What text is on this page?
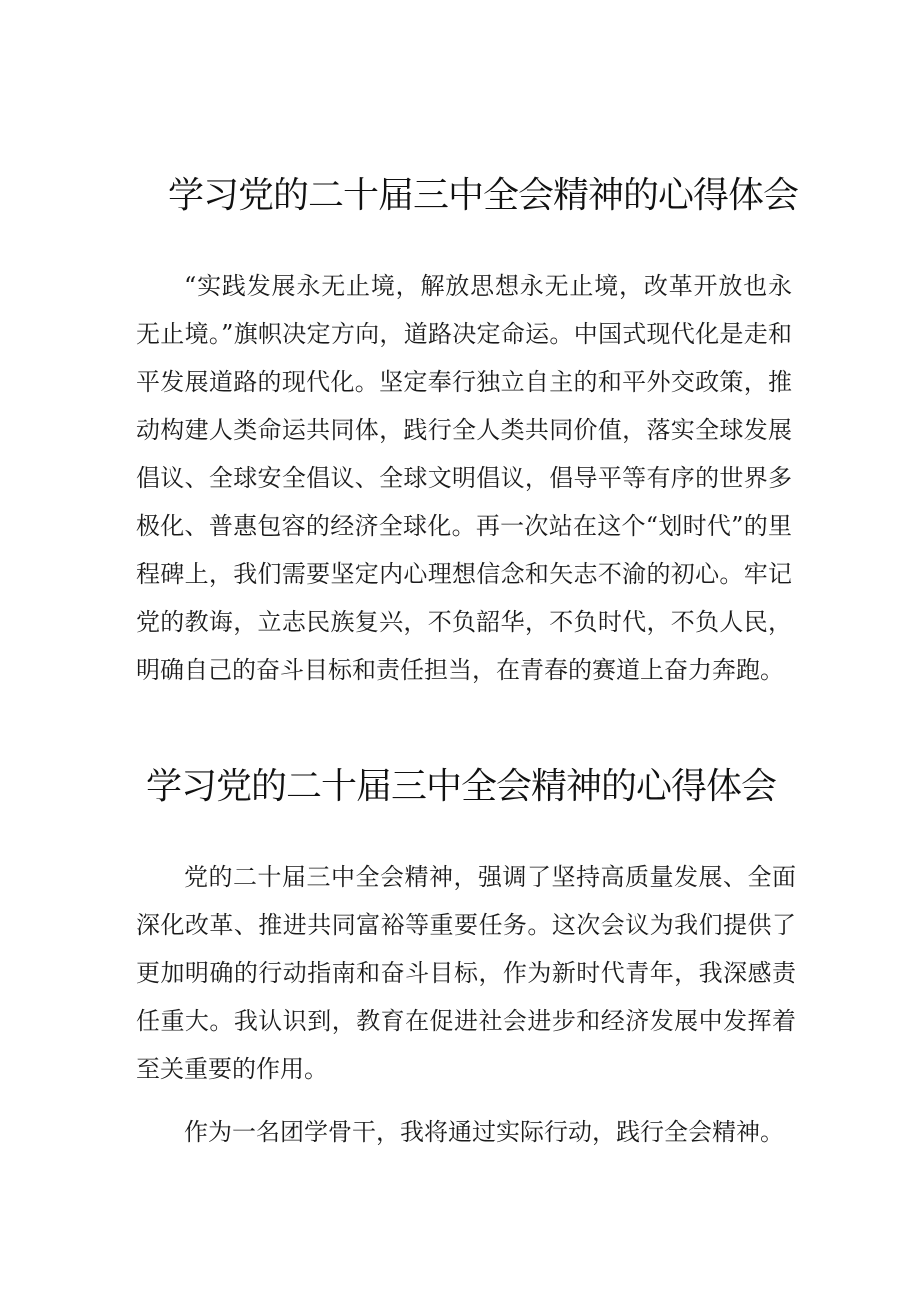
学习党的二十届三中全会精神的心得体会

“实践发展永无止境，解放思想永无止境，改革开放也永无止境。”旗帜决定方向，道路决定命运。中国式现代化是走和平发展道路的现代化。坚定奉行独立自主的和平外交政策，推动构建人类命运共同体，践行全人类共同价值，落实全球发展倡议、全球安全倡议、全球文明倡议，倡导平等有序的世界多极化、普惠包容的经济全球化。再一次站在这个“划时代”的里程碑上，我们需要坚定内心理想信念和矢志不渝的初心。牢记党的教诲，立志民族复兴，不负韶华，不负时代，不负人民，明确自己的奋斗目标和责任担当，在青春的赛道上奋力奔跑。

学习党的二十届三中全会精神的心得体会

党的二十届三中全会精神，强调了坚持高质量发展、全面深化改革、推进共同富裕等重要任务。这次会议为我们提供了更加明确的行动指南和奋斗目标，作为新时代青年，我深感责任重大。我认识到，教育在促进社会进步和经济发展中发挥着至关重要的作用。

作为一名团学骨干，我将通过实际行动，践行全会精神。
